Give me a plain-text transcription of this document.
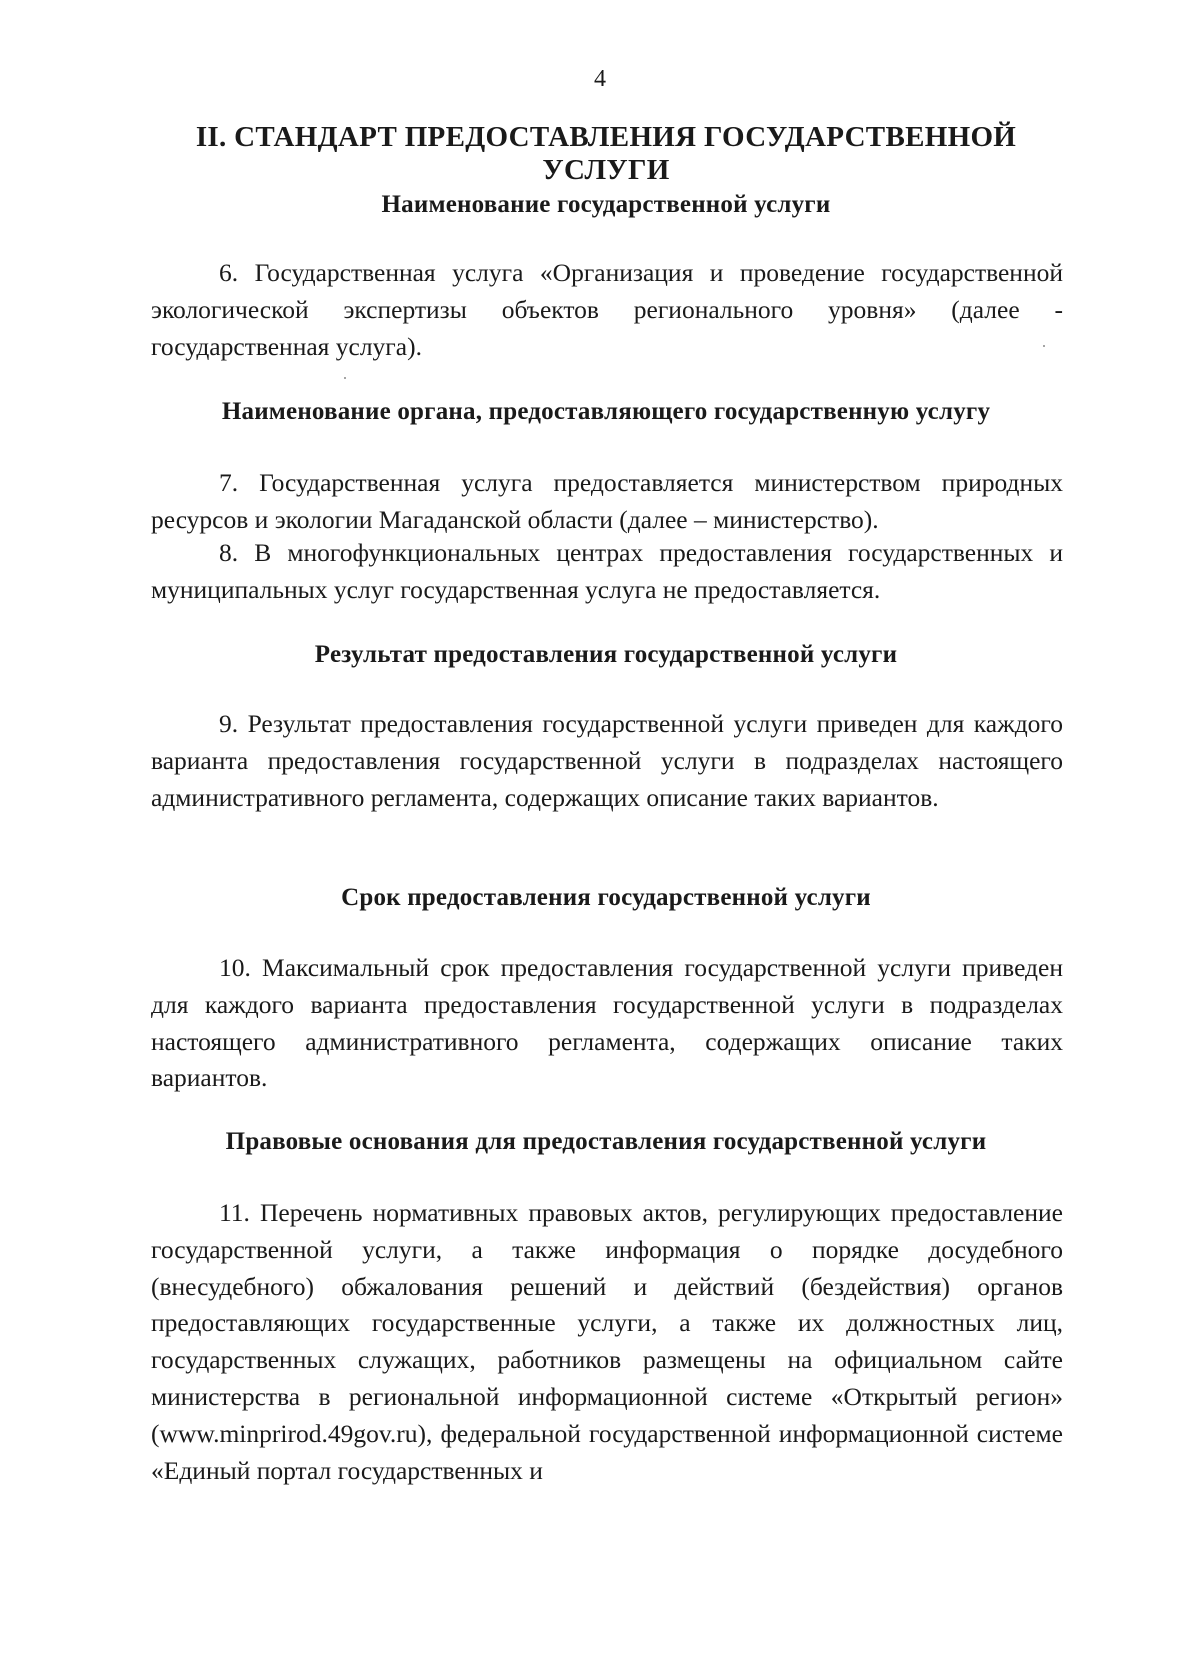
4
II. СТАНДАРТ ПРЕДОСТАВЛЕНИЯ ГОСУДАРСТВЕННОЙ УСЛУГИ
Наименование государственной услуги
6. Государственная услуга «Организация и проведение государственной экологической экспертизы объектов регионального уровня» (далее - государственная услуга).
Наименование органа, предоставляющего государственную услугу
7. Государственная услуга предоставляется министерством природных ресурсов и экологии Магаданской области (далее – министерство).
8. В многофункциональных центрах предоставления государственных и муниципальных услуг государственная услуга не предоставляется.
Результат предоставления государственной услуги
9. Результат предоставления государственной услуги приведен для каждого варианта предоставления государственной услуги в подразделах настоящего административного регламента, содержащих описание таких вариантов.
Срок предоставления государственной услуги
10. Максимальный срок предоставления государственной услуги приведен для каждого варианта предоставления государственной услуги в подразделах настоящего административного регламента, содержащих описание таких вариантов.
Правовые основания для предоставления государственной услуги
11. Перечень нормативных правовых актов, регулирующих предоставление государственной услуги, а также информация о порядке досудебного (внесудебного) обжалования решений и действий (бездействия) органов предоставляющих государственные услуги, а также их должностных лиц, государственных служащих, работников размещены на официальном сайте министерства в региональной информационной системе «Открытый регион» (www.minprirod.49gov.ru), федеральной государственной информационной системе «Единый портал государственных и
